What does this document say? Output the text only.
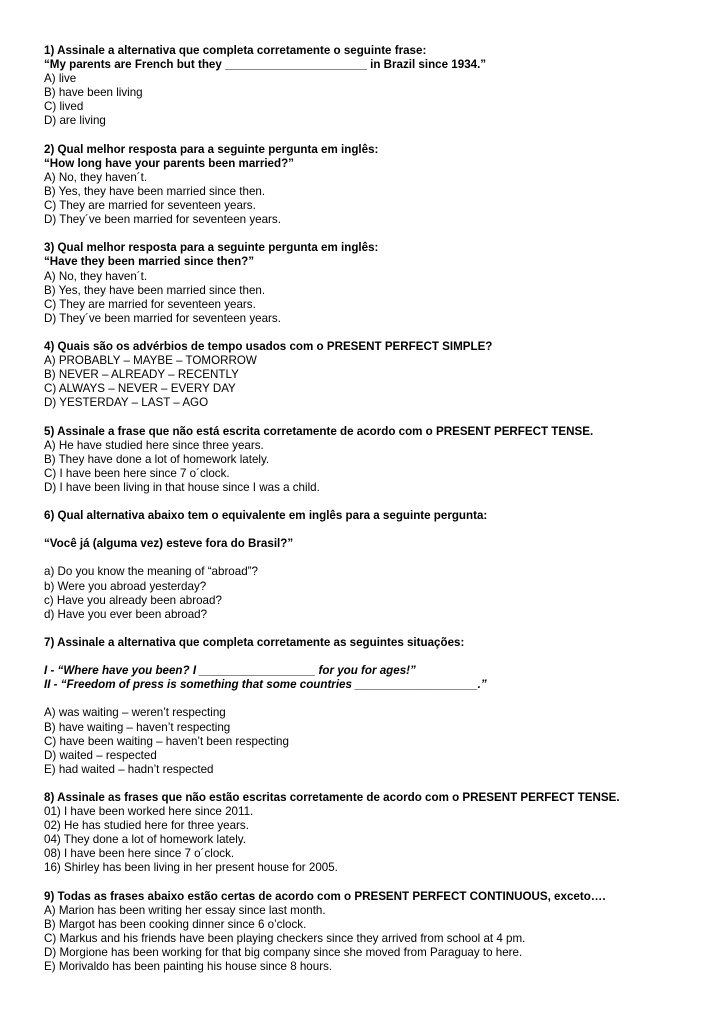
1) Assinale a alternativa que completa corretamente o seguinte frase:
“My parents are French but they ______________________ in Brazil since 1934.”
A) live
B) have been living
C) lived
D) are living
2) Qual melhor resposta para a seguinte pergunta em inglês:
“How long have your parents been married?”
A) No, they haven´t.
B) Yes, they have been married since then.
C) They are married for seventeen years.
D) They´ve been married for seventeen years.
3) Qual melhor resposta para a seguinte pergunta em inglês:
“Have they been married since then?”
A) No, they haven´t.
B) Yes, they have been married since then.
C) They are married for seventeen years.
D) They´ve been married for seventeen years.
4) Quais são os advérbios de tempo usados com o PRESENT PERFECT SIMPLE?
A) PROBABLY – MAYBE – TOMORROW
B) NEVER – ALREADY – RECENTLY
C) ALWAYS – NEVER – EVERY DAY
D) YESTERDAY – LAST – AGO
5) Assinale a frase que não está escrita corretamente de acordo com o PRESENT PERFECT TENSE.
A) He have studied here since three years.
B) They have done a lot of homework lately.
C) I have been here since 7 o´clock.
D) I have been living in that house since I was a child.
6) Qual alternativa abaixo tem o equivalente em inglês para a seguinte pergunta:
“Você já (alguma vez) esteve fora do Brasil?”
a) Do you know the meaning of “abroad”?
b) Were you abroad yesterday?
c) Have you already been abroad?
d) Have you ever been abroad?
7) Assinale a alternativa que completa corretamente as seguintes situações:
I - “Where have you been? I __________________ for you for ages!”
II - “Freedom of press is something that some countries ___________________.”
A) was waiting – weren’t respecting
B) have waiting – haven’t respecting
C) have been waiting – haven’t been respecting
D) waited – respected
E) had waited – hadn’t respected
8) Assinale as frases que não estão escritas corretamente de acordo com o PRESENT PERFECT TENSE.
01) I have been worked here since 2011.
02) He has studied here for three years.
04) They done a lot of homework lately.
08) I have been here since 7 o´clock.
16) Shirley has been living in her present house for 2005.
9) Todas as frases abaixo estão certas de acordo com o PRESENT PERFECT CONTINUOUS, exceto….
A) Marion has been writing her essay since last month.
B) Margot has been cooking dinner since 6 o’clock.
C) Markus and his friends have been playing checkers since they arrived from school at 4 pm.
D) Morgione has been working for that big company since she moved from Paraguay to here.
E) Morivaldo has been painting his house since 8 hours.
